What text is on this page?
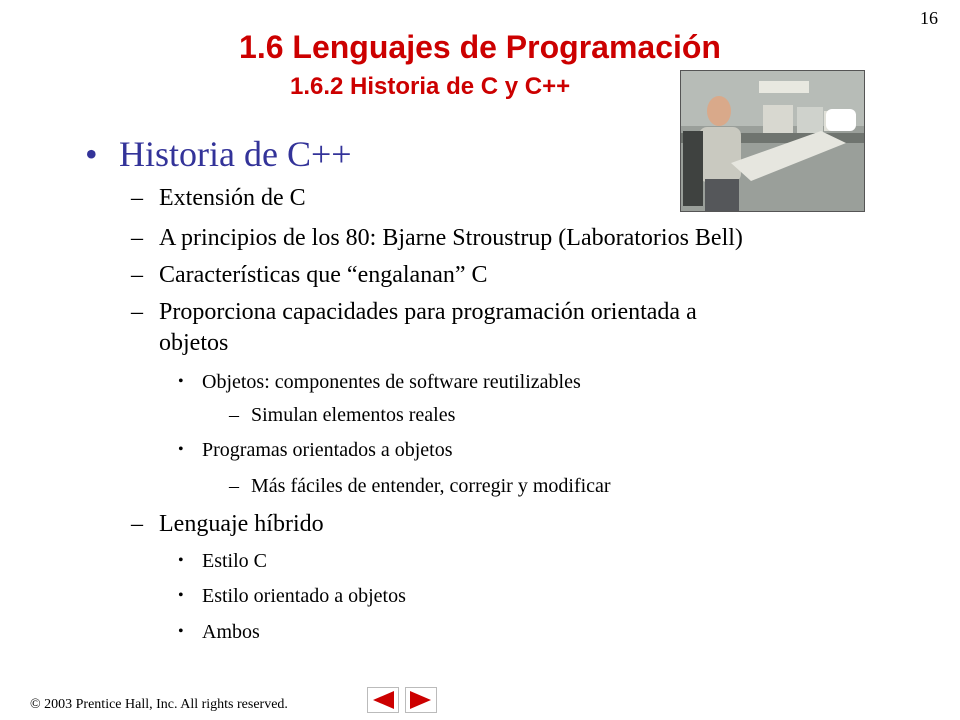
16
1.6 Lenguajes de Programación
1.6.2 Historia de C y C++
• Historia de C++
– Extensión de C
– A principios de los 80: Bjarne Stroustrup (Laboratorios Bell)
– Características que “engalanan” C
– Proporciona capacidades para programación orientada a
objetos
• Objetos: componentes de software reutilizables
– Simulan elementos reales
• Programas orientados a objetos
– Más fáciles de entender, corregir y modificar
– Lenguaje híbrido
• Estilo C
• Estilo orientado a objetos
• Ambos
© 2003 Prentice Hall, Inc. All rights reserved.
